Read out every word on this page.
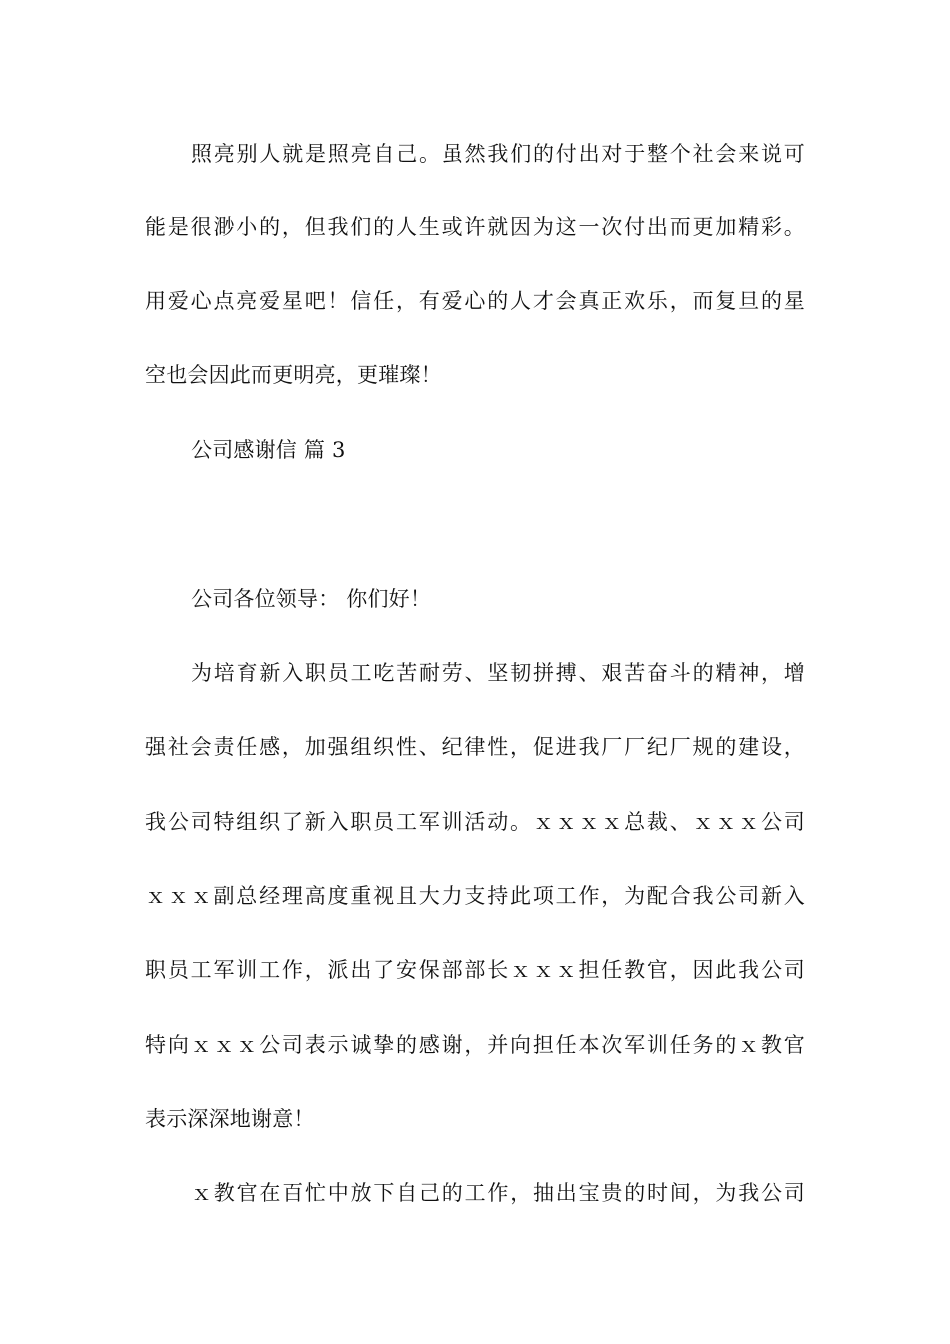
照亮别人就是照亮自己。虽然我们的付出对于整个社会来说可
能是很渺小的，但我们的人生或许就因为这一次付出而更加精彩。
用爱心点亮爱星吧！信任，有爱心的人才会真正欢乐，而复旦的星
空也会因此而更明亮，更璀璨！
公司感谢信 篇 3
公司各位领导： 你们好！
为培育新入职员工吃苦耐劳、坚韧拼搏、艰苦奋斗的精神，增
强社会责任感，加强组织性、纪律性，促进我厂厂纪厂规的建设，
我公司特组织了新入职员工军训活动。ｘｘｘｘ总裁、ｘｘｘ公司
ｘｘｘ副总经理高度重视且大力支持此项工作，为配合我公司新入
职员工军训工作，派出了安保部部长ｘｘｘ担任教官，因此我公司
特向ｘｘｘ公司表示诚挚的感谢，并向担任本次军训任务的ｘ教官
表示深深地谢意！
ｘ教官在百忙中放下自己的工作，抽出宝贵的时间，为我公司
